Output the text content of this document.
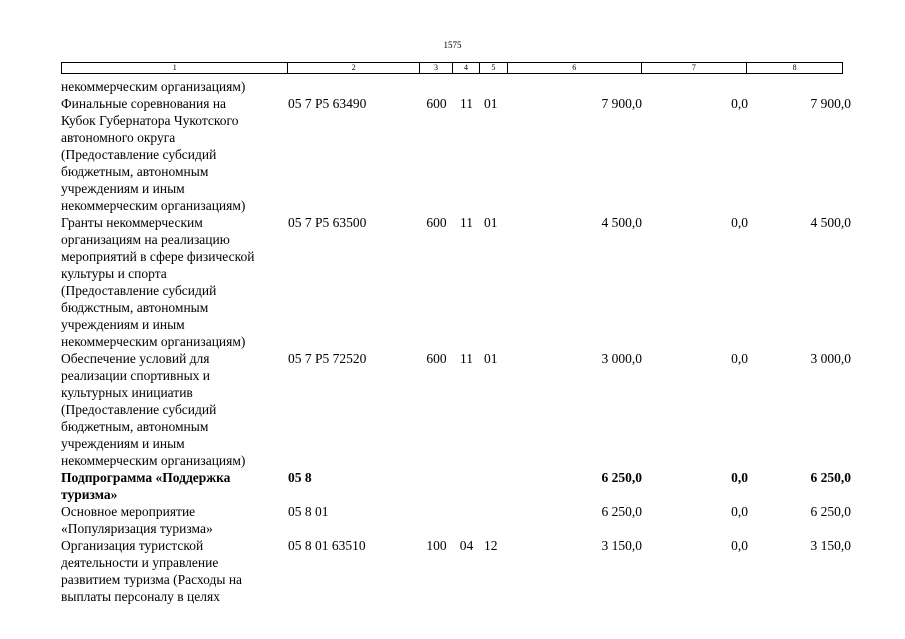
1575
1	2	3	4	5	6	7	8
некоммерческим организациям)
Финальные соревнования на
Кубок Губернатора Чукотского
автономного округа
(Предоставление субсидий
бюджетным, автономным
учреждениям и иным
некоммерческим организациям)
05 7 P5 63490	600 11 01	7 900,0	0,0	7 900,0
Гранты некоммерческим
организациям на реализацию
мероприятий в сфере физической
культуры и спорта
(Предоставление субсидий
бюджстным, автономным
учреждениям и иным
некоммерческим организациям)
05 7 P5 63500	600 11 01	4 500,0	0,0	4 500,0
Обеспечение условий для
реализации спортивных и
культурных инициатив
(Предоставление субсидий
бюджетным, автономным
учреждениям и иным
некоммерческим организациям)
05 7 P5 72520	600 11 01	3 000,0	0,0	3 000,0
Подпрограмма «Поддержка
туризма»
05 8	6 250,0	0,0	6 250,0
Основное мероприятие
«Популяризация туризма»
05 8 01	6 250,0	0,0	6 250,0
Организация туристской
деятельности и управление
развитием туризма (Расходы на
выплаты персоналу в целях
05 8 01 63510	100 04 12	3 150,0	0,0	3 150,0
